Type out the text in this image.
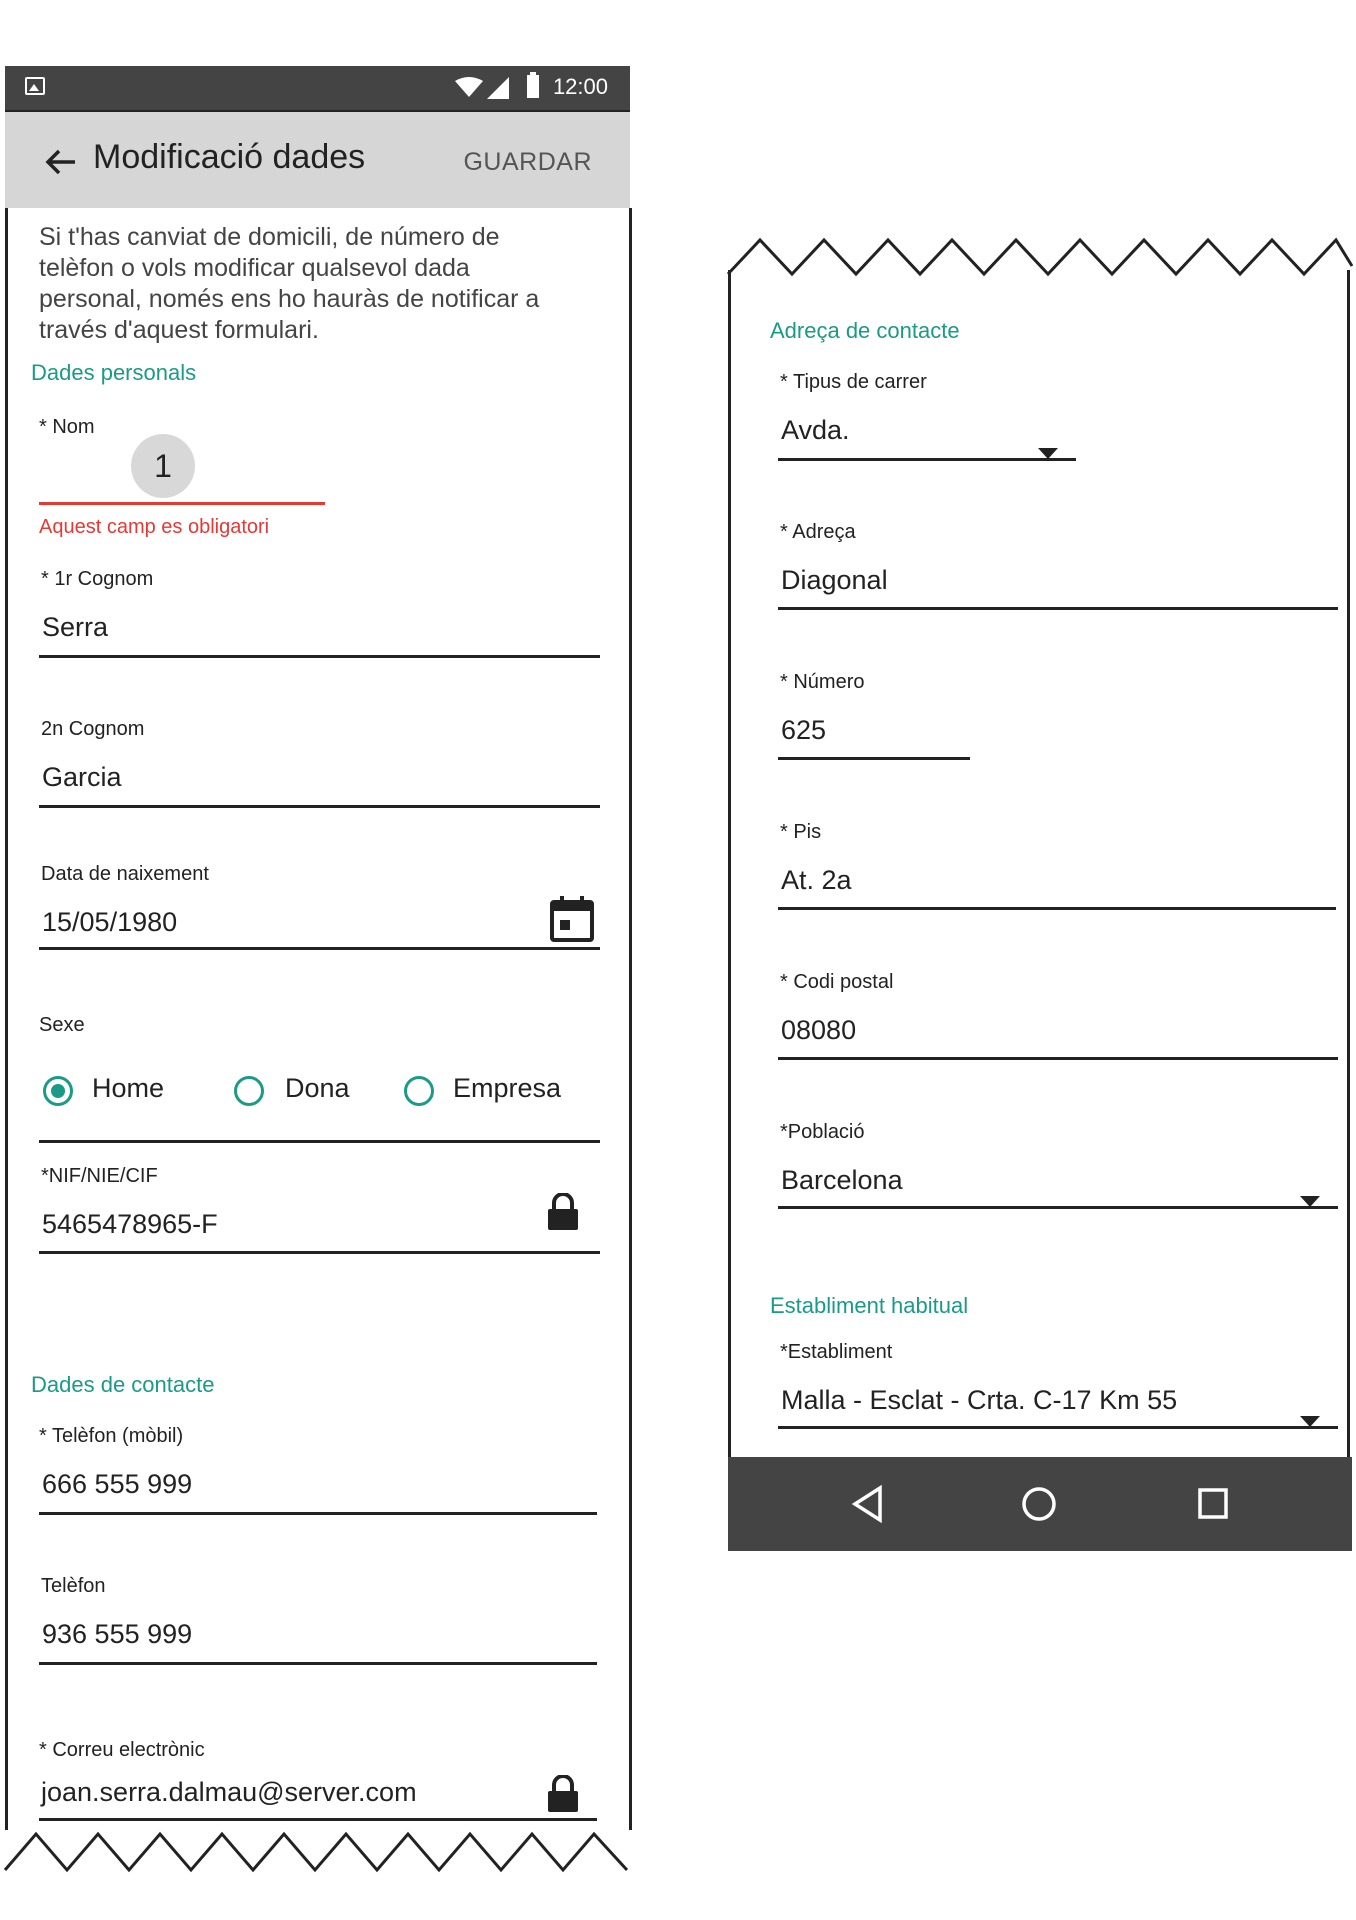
12:00
Modificació dades	GUARDAR
Si t'has canviat de domicili, de número de telèfon o vols modificar qualsevol dada personal, només ens ho hauràs de notificar a través d'aquest formulari.
Dades personals
* Nom
1
Aquest camp es obligatori
* 1r Cognom
Serra
2n Cognom
Garcia
Data de naixement
15/05/1980
Sexe
Home	Dona	Empresa
*NIF/NIE/CIF
5465478965-F
Dades de contacte
* Telèfon (mòbil)
666 555 999
Telèfon
936 555 999
* Correu electrònic
joan.serra.dalmau@server.com
Adreça de contacte
* Tipus de carrer
Avda.
* Adreça
Diagonal
* Número
625
* Pis
At. 2a
* Codi postal
08080
*Població
Barcelona
Establiment habitual
*Establiment
Malla - Esclat - Crta. C-17 Km 55
